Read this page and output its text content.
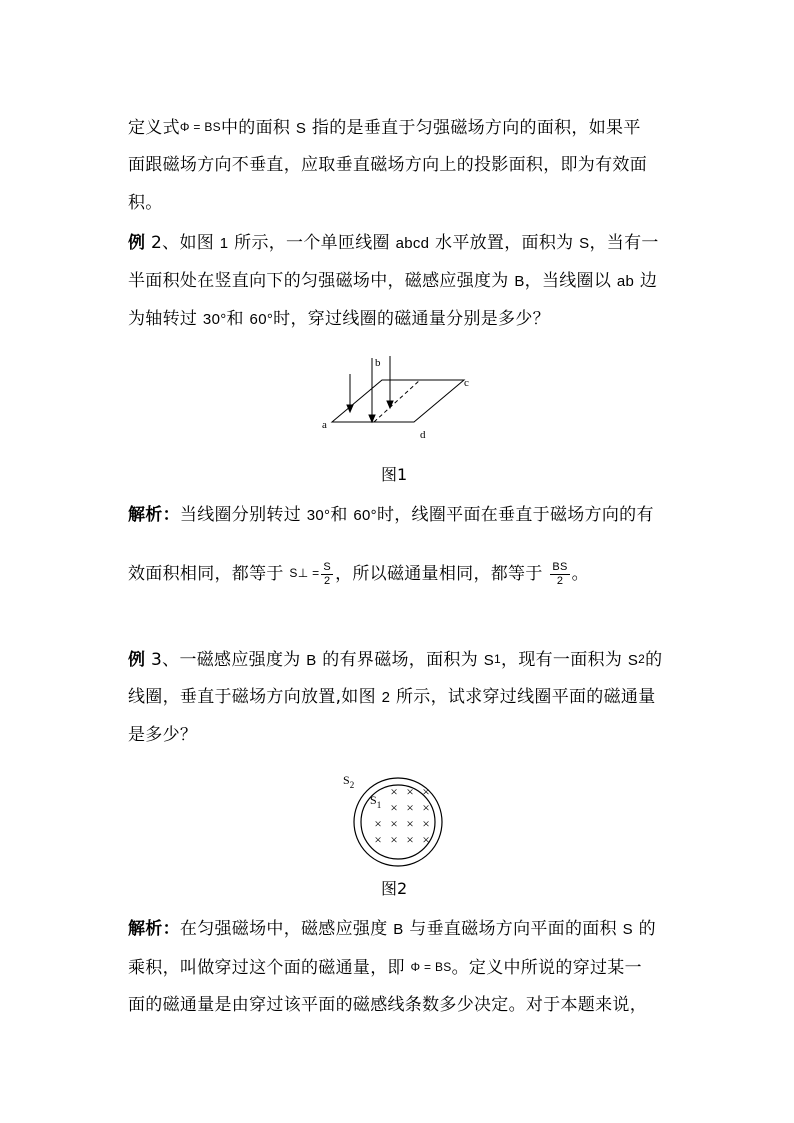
定义式Φ = BS中的面积 S 指的是垂直于匀强磁场方向的面积，如果平
面跟磁场方向不垂直，应取垂直磁场方向上的投影面积，即为有效面
积。
例 2、如图 1 所示，一个单匝线圈 abcd 水平放置，面积为 S，当有一
半面积处在竖直向下的匀强磁场中，磁感应强度为 B，当线圈以 ab 边
为轴转过 30°和 60°时，穿过线圈的磁通量分别是多少？
a
b
c
d
图1
解析：当线圈分别转过 30°和 60°时，线圈平面在垂直于磁场方向的有
效面积相同，都等于 S⊥ = $\frac{S}{2}$ ，所以磁通量相同，都等于 $\frac{BS}{2}$ 。
例 3、一磁感应强度为 B 的有界磁场，面积为 $S_1$，现有一面积为 $S_2$的
线圈，垂直于磁场方向放置,如图 2 所示，试求穿过线圈平面的磁通量
是多少？
$S_2$
$S_1$
× × ×
× × ×
× × × ×
× × × ×
图2
解析：在匀强磁场中，磁感应强度 B 与垂直磁场方向平面的面积 S 的
乘积，叫做穿过这个面的磁通量，即 Φ = BS。定义中所说的穿过某一
面的磁通量是由穿过该平面的磁感线条数多少决定。对于本题来说，
